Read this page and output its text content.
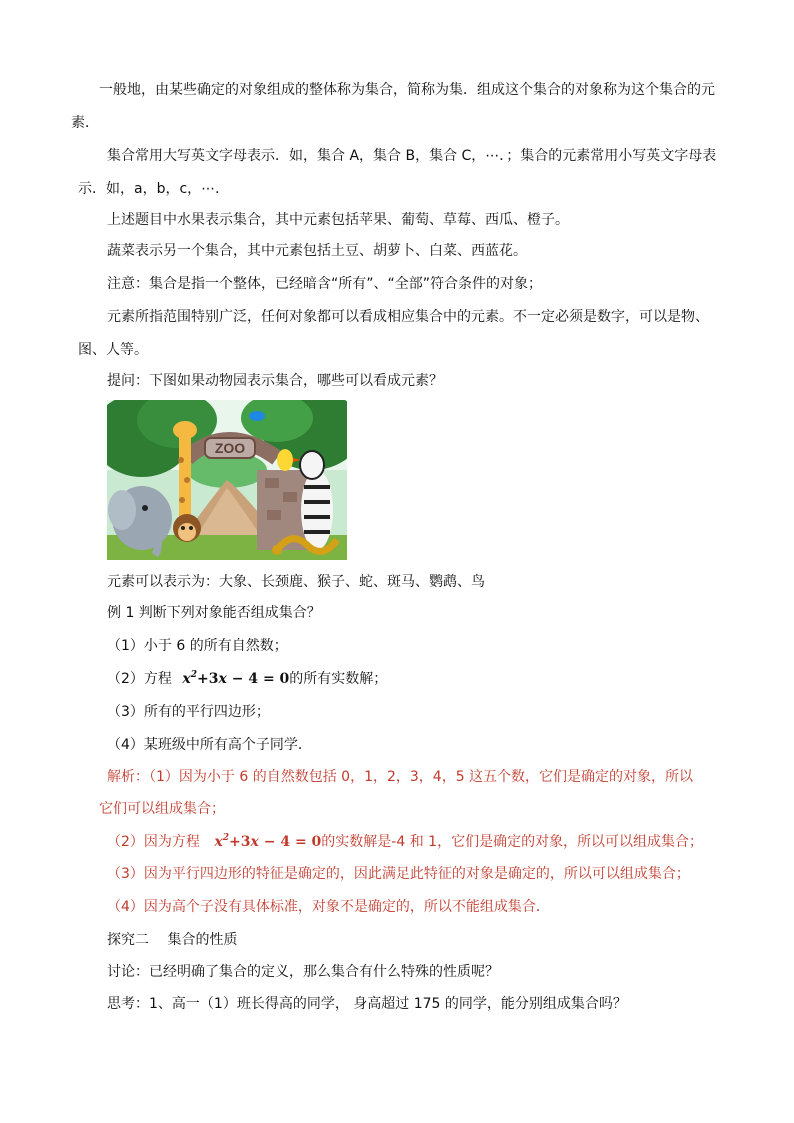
一般地，由某些确定的对象组成的整体称为集合，简称为集．组成这个集合的对象称为这个集合的元
素．
集合常用大写英文字母表示．如，集合 A，集合 B，集合 C，⋯．；集合的元素常用小写英文字母表
示．如，a，b，c，⋯．
上述题目中水果表示集合，其中元素包括苹果、葡萄、草莓、西瓜、橙子。
蔬菜表示另一个集合，其中元素包括土豆、胡萝卜、白菜、西蓝花。
注意：集合是指一个整体，已经暗含“所有”、“全部”符合条件的对象；
元素所指范围特别广泛，任何对象都可以看成相应集合中的元素。不一定必须是数字，可以是物、
图、人等。
提问：下图如果动物园表示集合，哪些可以看成元素？
ZOO
元素可以表示为：大象、长颈鹿、猴子、蛇、斑马、鹦鹉、鸟
例 1 判断下列对象能否组成集合？
（1）小于 6 的所有自然数；
（2）方程 $x^2+3x - 4 = 0$的所有实数解；
（3）所有的平行四边形；
（4）某班级中所有高个子同学．
解析：（1）因为小于 6 的自然数包括 0，1，2，3，4，5 这五个数，它们是确定的对象，所以
它们可以组成集合；
（2）因为方程 $x^2+3x - 4 = 0$的实数解是-4 和 1，它们是确定的对象，所以可以组成集合；
（3）因为平行四边形的特征是确定的，因此满足此特征的对象是确定的，所以可以组成集合；
（4）因为高个子没有具体标准，对象不是确定的，所以不能组成集合．
探究二　 集合的性质
讨论：已经明确了集合的定义，那么集合有什么特殊的性质呢？
思考：1、高一（1）班长得高的同学， 身高超过 175 的同学，能分别组成集合吗？
